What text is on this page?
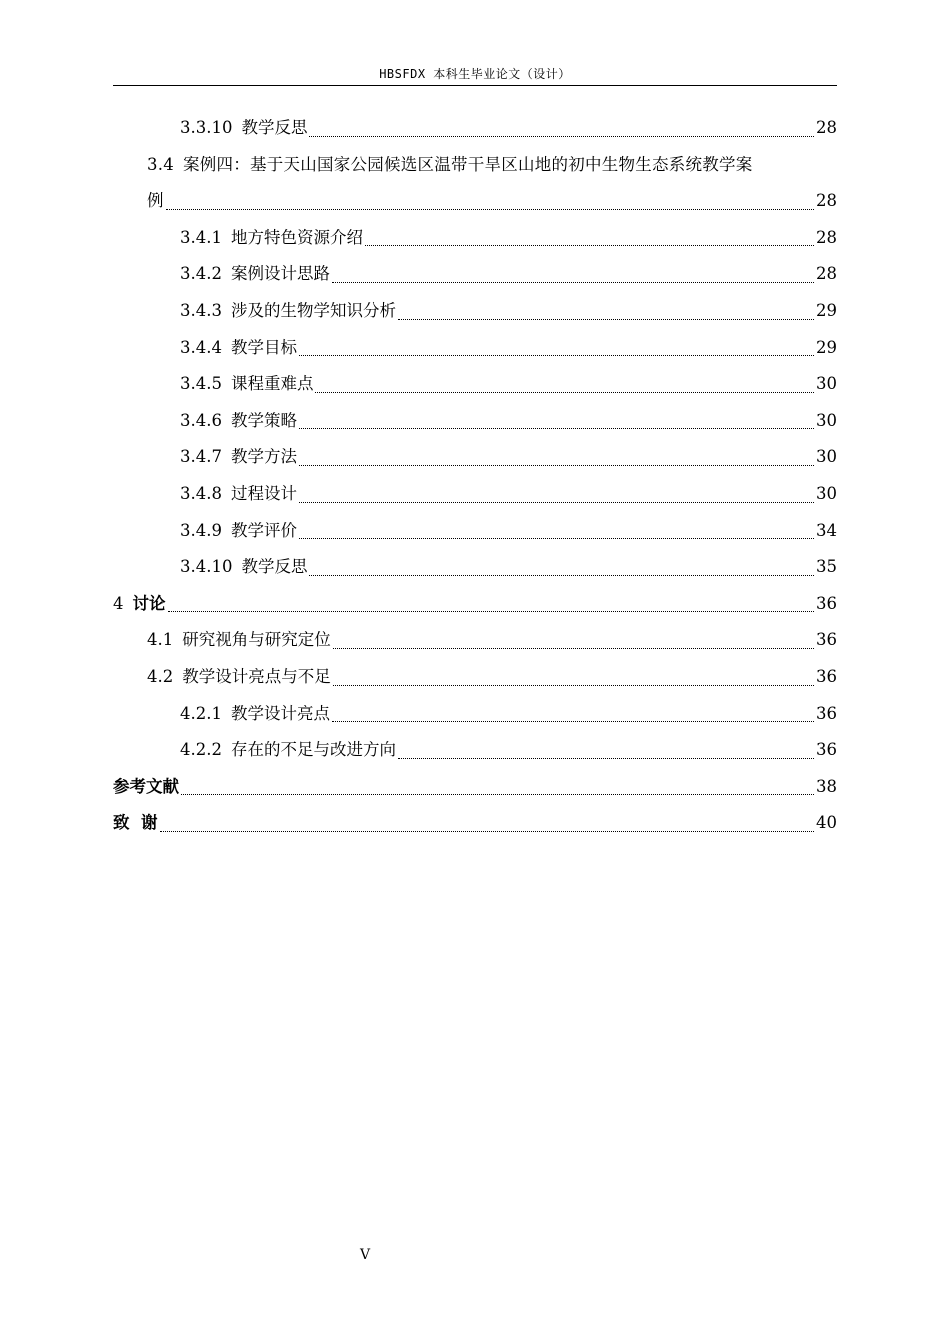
HBSFDX 本科生毕业论文（设计）
3.3.10 教学反思	28
3.4 案例四：基于天山国家公园候选区温带干旱区山地的初中生物生态系统教学案
例	28
3.4.1 地方特色资源介绍	28
3.4.2 案例设计思路	28
3.4.3 涉及的生物学知识分析	29
3.4.4 教学目标	29
3.4.5 课程重难点	30
3.4.6 教学策略	30
3.4.7 教学方法	30
3.4.8 过程设计	30
3.4.9 教学评价	34
3.4.10 教学反思	35
4 讨论	36
4.1 研究视角与研究定位	36
4.2 教学设计亮点与不足	36
4.2.1 教学设计亮点	36
4.2.2 存在的不足与改进方向	36
参考文献	38
致  谢	40
V
